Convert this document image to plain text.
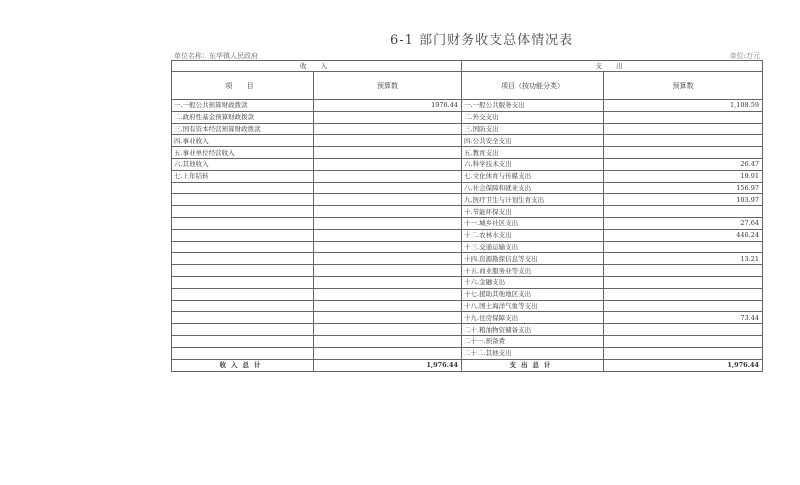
6-1 部门财务收支总体情况表
单位名称：东华镇人民政府	单位:万元
收 入		支 出	
项 目	预算数	项目（按功能分类）	预算数
一.一般公共预算财政拨款	1976.44	一.一般公共服务支出	1,108.59
二.政府性基金预算财政拨款		二.外交支出	
三.国有资本经营预算财政拨款		三.国防支出	
四.事业收入		四.公共安全支出	
五.事业单位经营收入		五.教育支出	
六.其他收入		六.科学技术支出	26.47
七.上年结转		七.文化体育与传媒支出	19.91
		八.社会保障和就业支出	156.97
		九.医疗卫生与计划生育支出	103.97
		十.节能环保支出	
		十一.城乡社区支出	27.64
		十二.农林水支出	446.24
		十三.交通运输支出	
		十四.资源勘探信息等支出	13.21
		十五.商业服务业等支出	
		十六.金融支出	
		十七.援助其他地区支出	
		十八.国土海洋气象等支出	
		十九.住房保障支出	73.44
		二十.粮油物资储备支出	
		二十一.预备费	
		二十二.其他支出	
收入总计	1,976.44	支出总计	1,976.44
